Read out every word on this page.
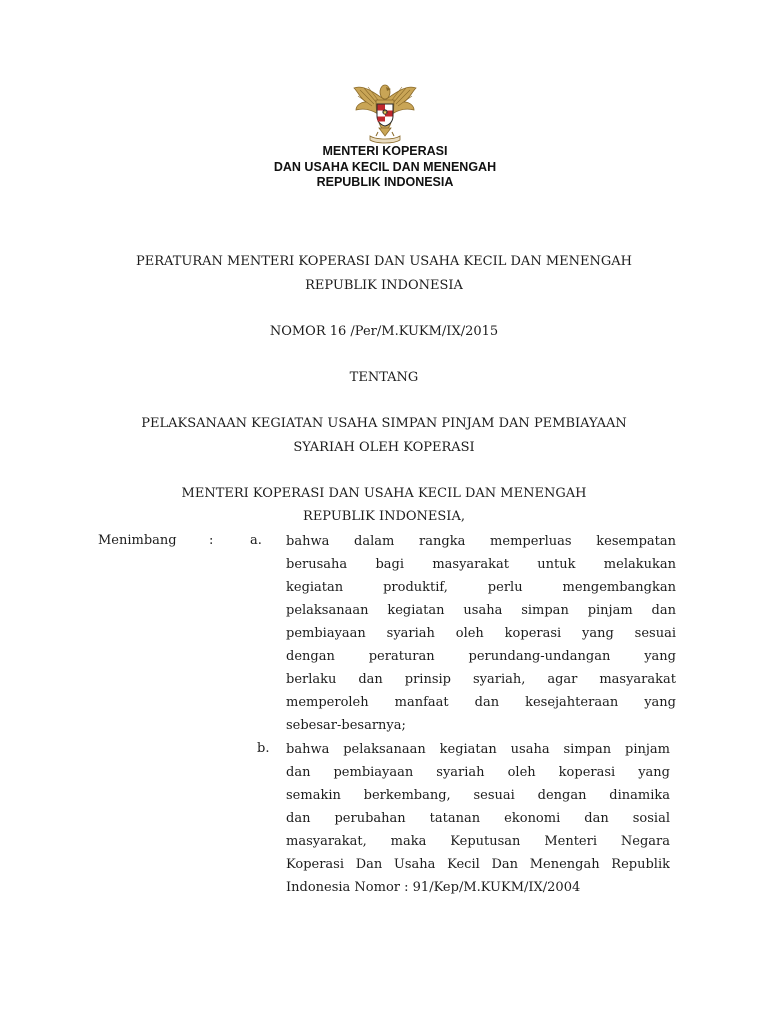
MENTERI KOPERASI
DAN USAHA KECIL DAN MENENGAH
REPUBLIK INDONESIA
PERATURAN MENTERI KOPERASI DAN USAHA KECIL DAN MENENGAH
REPUBLIK INDONESIA
NOMOR 16 /Per/M.KUKM/IX/2015
TENTANG
PELAKSANAAN KEGIATAN USAHA SIMPAN PINJAM DAN PEMBIAYAAN
SYARIAH OLEH KOPERASI
MENTERI KOPERASI DAN USAHA KECIL DAN MENENGAH
REPUBLIK INDONESIA,
Menimbang :	a. bahwa dalam rangka memperluas kesempatan
berusaha bagi masyarakat untuk melakukan
kegiatan produktif, perlu mengembangkan
pelaksanaan kegiatan usaha simpan pinjam dan
pembiayaan syariah oleh koperasi yang sesuai
dengan peraturan perundang-undangan yang
berlaku dan prinsip syariah, agar masyarakat
memperoleh manfaat dan kesejahteraan yang
sebesar-besarnya;
b. bahwa pelaksanaan kegiatan usaha simpan pinjam
dan pembiayaan syariah oleh koperasi yang
semakin berkembang, sesuai dengan dinamika
dan perubahan tatanan ekonomi dan sosial
masyarakat, maka Keputusan Menteri Negara
Koperasi Dan Usaha Kecil Dan Menengah Republik
Indonesia Nomor : 91/Kep/M.KUKM/IX/2004
